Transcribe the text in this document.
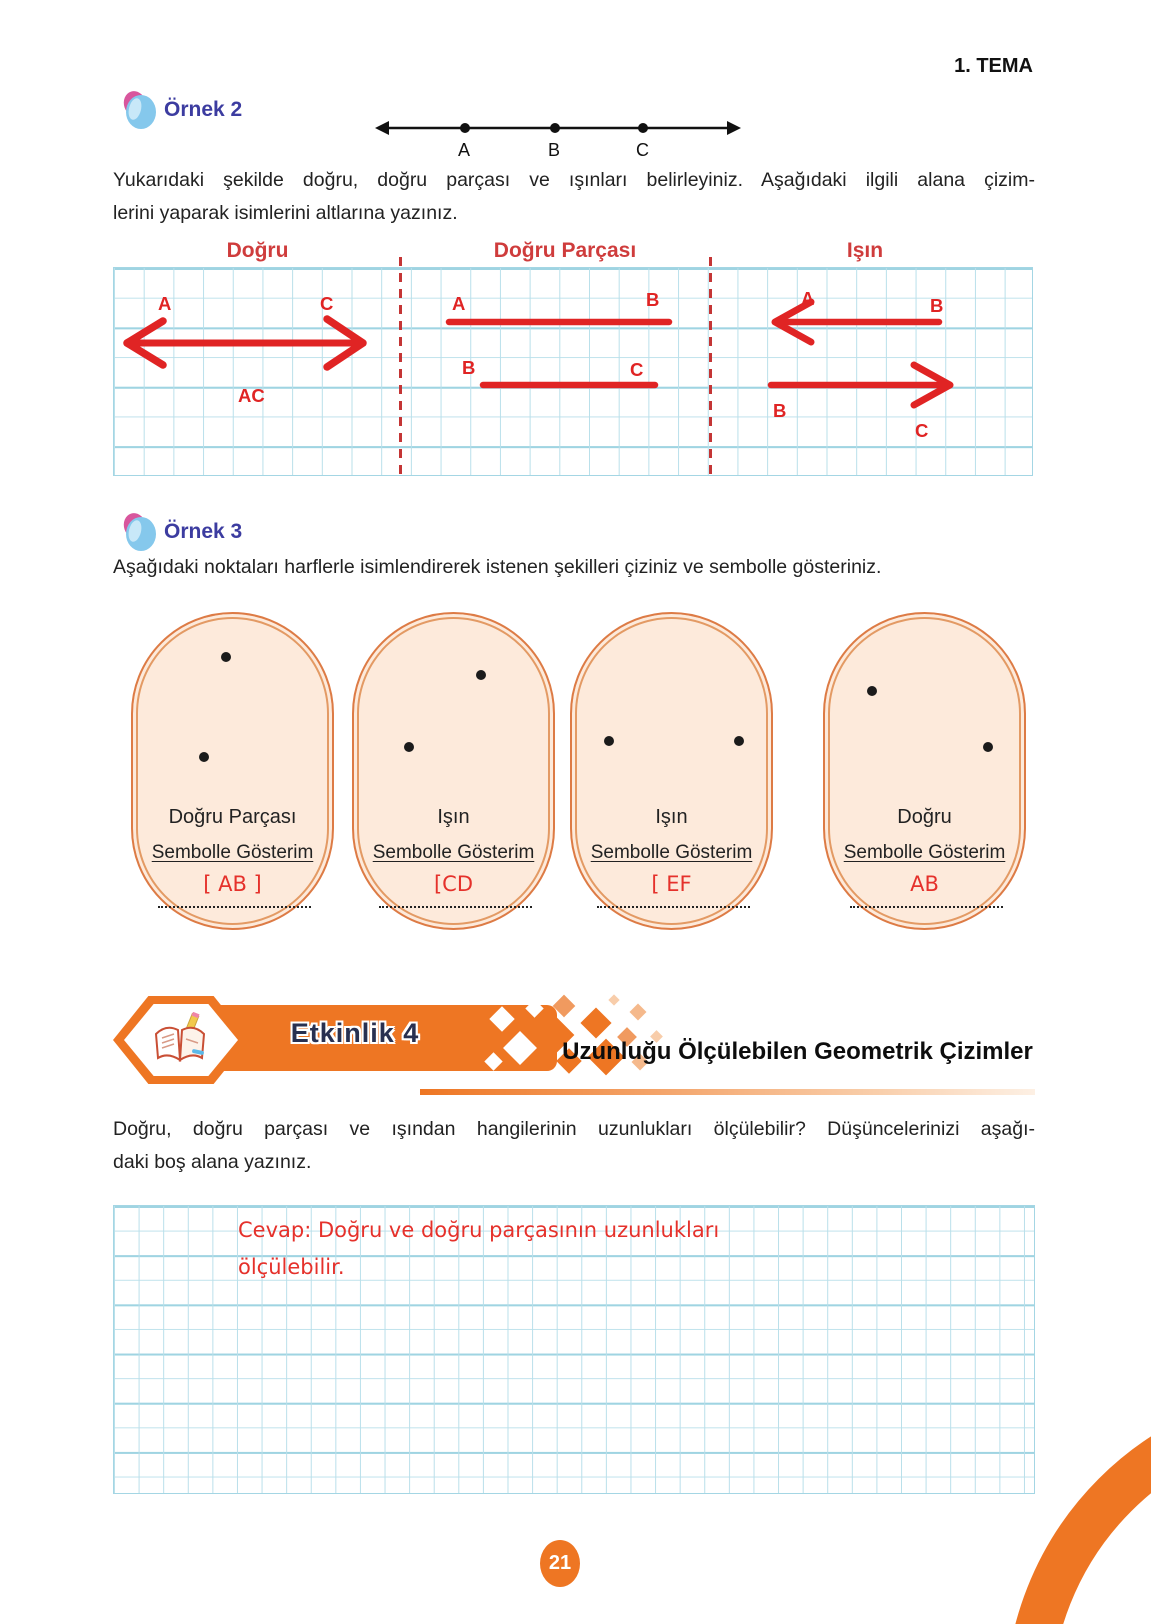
1. TEMA
Örnek 2
A	B	C
Yukarıdaki şekilde doğru, doğru parçası ve ışınları belirleyiniz. Aşağıdaki ilgili alana çizim-
lerini yaparak isimlerini altlarına yazınız.
Doğru	Doğru Parçası	Işın
A	C
AC
A	B
B	C
A	B
B
C
Örnek 3
Aşağıdaki noktaları harflerle isimlendirerek istenen şekilleri çiziniz ve sembolle gösteriniz.
Doğru Parçası
Sembolle Gösterim
[ AB ]
Işın
Sembolle Gösterim
[CD
Işın
Sembolle Gösterim
[ EF
Doğru
Sembolle Gösterim
AB
Etkinlik 4
Uzunluğu Ölçülebilen Geometrik Çizimler
Doğru, doğru parçası ve ışından hangilerinin uzunlukları ölçülebilir? Düşüncelerinizi aşağı-
daki boş alana yazınız.
Cevap: Doğru ve doğru parçasının uzunlukları
ölçülebilir.
21
